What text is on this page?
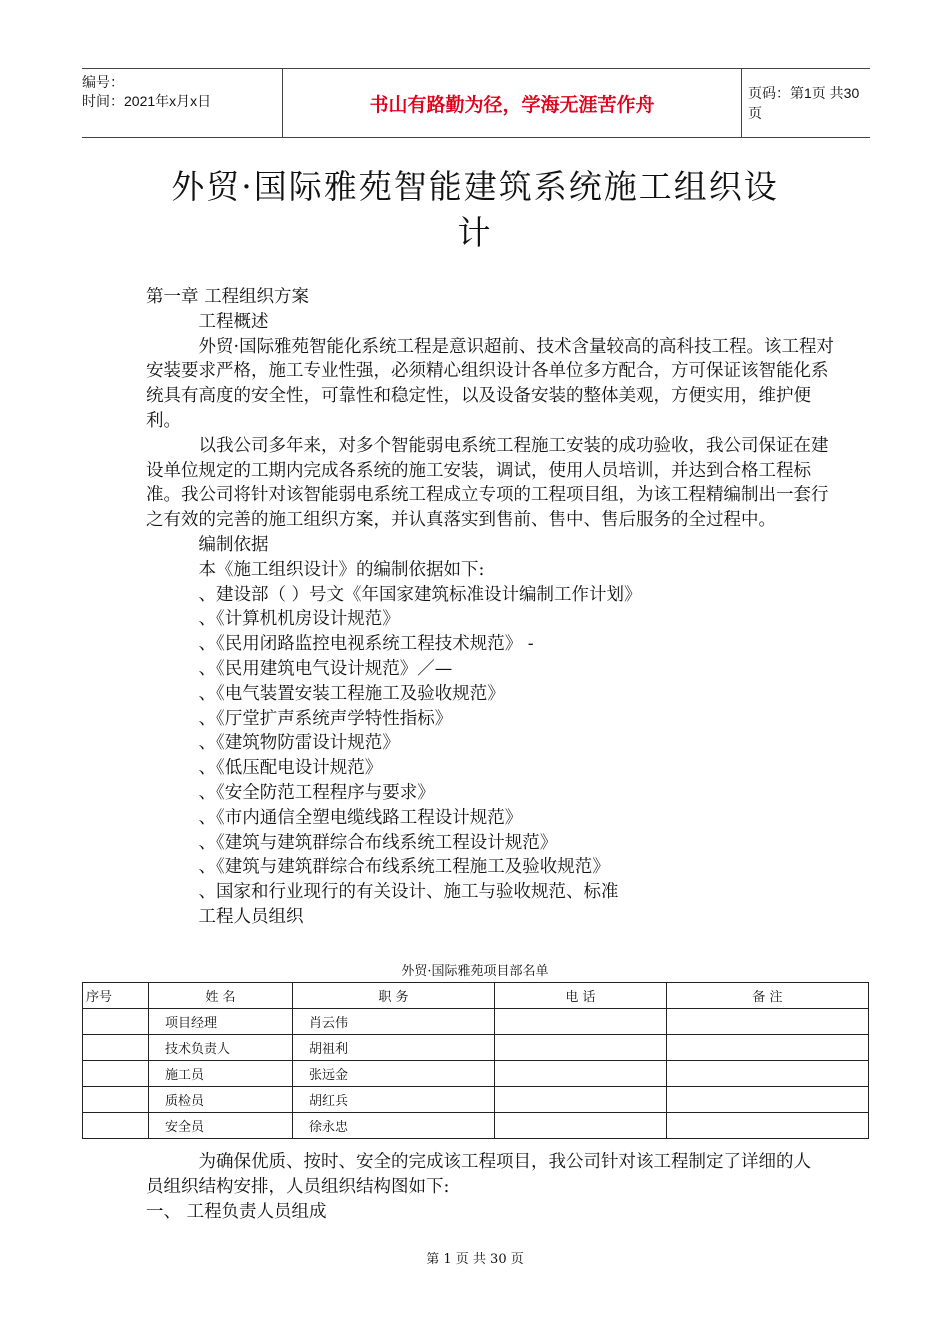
编号：
时间：2021年x月x日	书山有路勤为径，学海无涯苦作舟
页码：第1页 共30页
外贸·国际雅苑智能建筑系统施工组织设
计

第一章 工程组织方案

工程概述

外贸·国际雅苑智能化系统工程是意识超前、技术含量较高的高科技工程。该工程对安装要求严格，施工专业性强，必须精心组织设计各单位多方配合，方可保证该智能化系统具有高度的安全性，可靠性和稳定性，以及设备安装的整体美观，方便实用，维护便利。

以我公司多年来，对多个智能弱电系统工程施工安装的成功验收，我公司保证在建设单位规定的工期内完成各系统的施工安装，调试，使用人员培训，并达到合格工程标准。我公司将针对该智能弱电系统工程成立专项的工程项目组，为该工程精编制出一套行之有效的完善的施工组织方案，并认真落实到售前、售中、售后服务的全过程中。

编制依据

本《施工组织设计》的编制依据如下:

、建设部（ ）号文《年国家建筑标准设计编制工作计划》

、《计算机机房设计规范》

、《民用闭路监控电视系统工程技术规范》 -

、《民用建筑电气设计规范》／—

、《电气装置安装工程施工及验收规范》

、《厅堂扩声系统声学特性指标》

、《建筑物防雷设计规范》

、《低压配电设计规范》

、《安全防范工程程序与要求》

、《市内通信全塑电缆线路工程设计规范》

、《建筑与建筑群综合布线系统工程设计规范》

、《建筑与建筑群综合布线系统工程施工及验收规范》

、国家和行业现行的有关设计、施工与验收规范、标准

工程人员组织

外贸·国际雅苑项目部名单
序号	姓 名	职 务	电 话	备 注
	项目经理	肖云伟		
	技术负责人	胡祖利		
	施工员	张远金		
	质检员	胡红兵		
	安全员	徐永忠		

为确保优质、按时、安全的完成该工程项目，我公司针对该工程制定了详细的人员组织结构安排，人员组织结构图如下:

一、 工程负责人员组成

第 1 页 共 30 页
